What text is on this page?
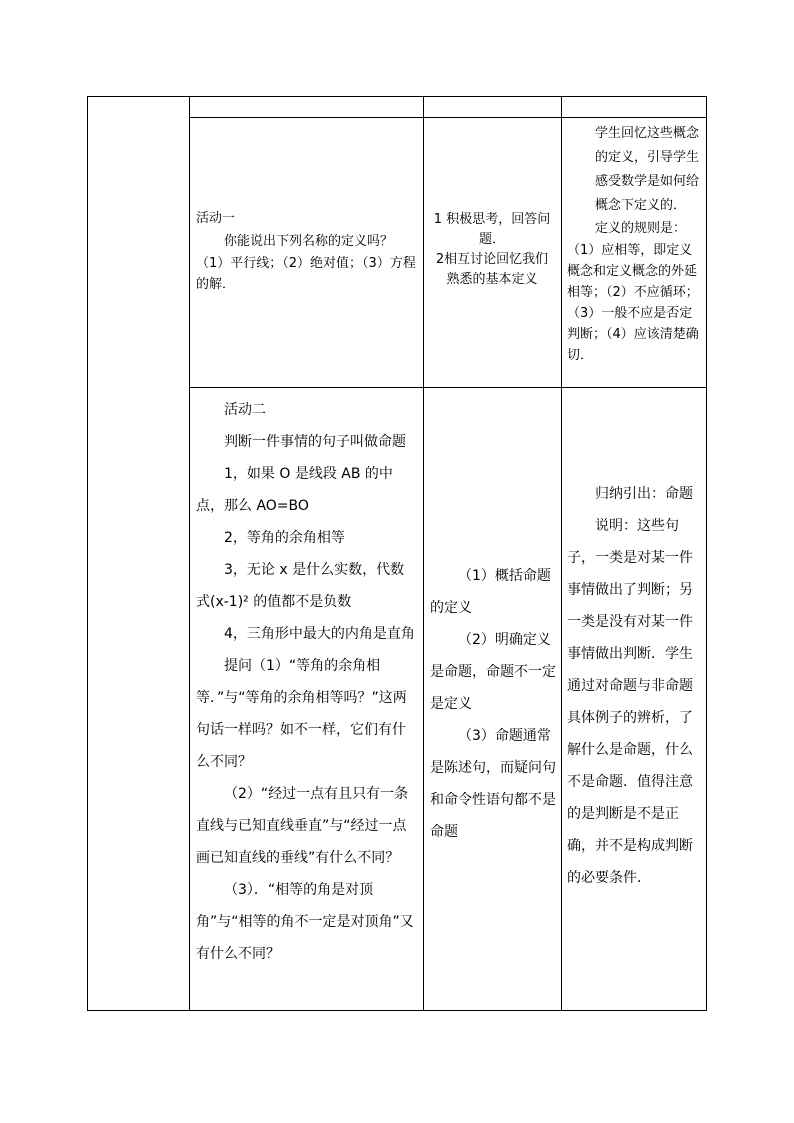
活动一

你能说出下列名称的定义吗？

（1）平行线；（2）绝对值；（3）方程的解．

1 积极思考，回答问题．

2相互讨论回忆我们熟悉的基本定义

学生回忆这些概念的定义，引导学生感受数学是如何给概念下定义的．

定义的规则是：

（1）应相等，即定义概念和定义概念的外延相等；（2）不应循环；（3）一般不应是否定判断；（4）应该清楚确切．

活动二

判断一件事情的句子叫做命题

1，如果 O 是线段 AB 的中点，那么 AO=BO

2，等角的余角相等

3，无论 x 是什么实数，代数式(x-1)² 的值都不是负数

4，三角形中最大的内角是直角

提问（1）“等角的余角相等．”与“等角的余角相等吗？”这两句话一样吗？如不一样，它们有什么不同？

（2）“经过一点有且只有一条直线与已知直线垂直”与“经过一点画已知直线的垂线”有什么不同？

（3）．“相等的角是对顶角”与“相等的角不一定是对顶角”又有什么不同？

（1）概括命题的定义

（2）明确定义是命题，命题不一定是定义

（3）命题通常是陈述句，而疑问句和命令性语句都不是命题

归纳引出：命题

说明：这些句子，一类是对某一件事情做出了判断；另一类是没有对某一件事情做出判断．学生通过对命题与非命题具体例子的辨析，了解什么是命题，什么不是命题．值得注意的是判断是不是正确，并不是构成判断的必要条件．
